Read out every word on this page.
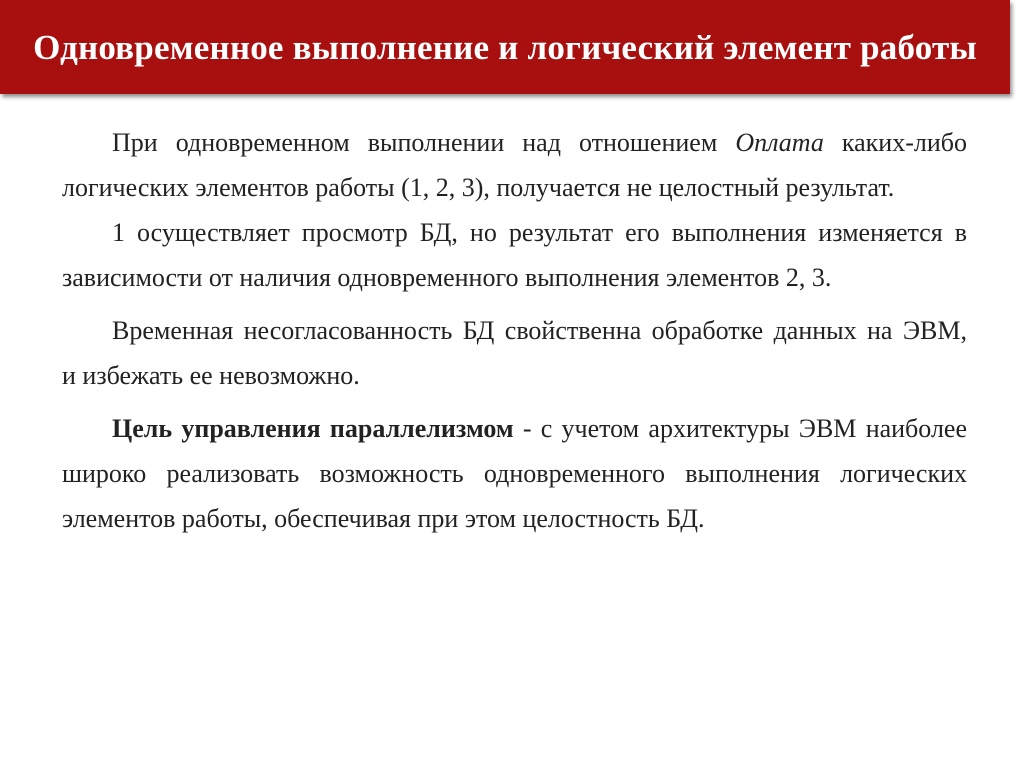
Одновременное выполнение и логический элемент работы

При одновременном выполнении над отношением Оплата каких-либо логических элементов работы (1, 2, 3), получается не целостный результат.

1 осуществляет просмотр БД, но результат его выполнения изменяется в зависимости от наличия одновременного выполнения элементов 2, 3.

Временная несогласованность БД свойственна обработке данных на ЭВМ,   и избежать ее невозможно.

Цель управления параллелизмом - с учетом архитектуры ЭВМ наиболее широко реализовать возможность одновременного выполнения логических элементов работы, обеспечивая при этом целостность БД.
